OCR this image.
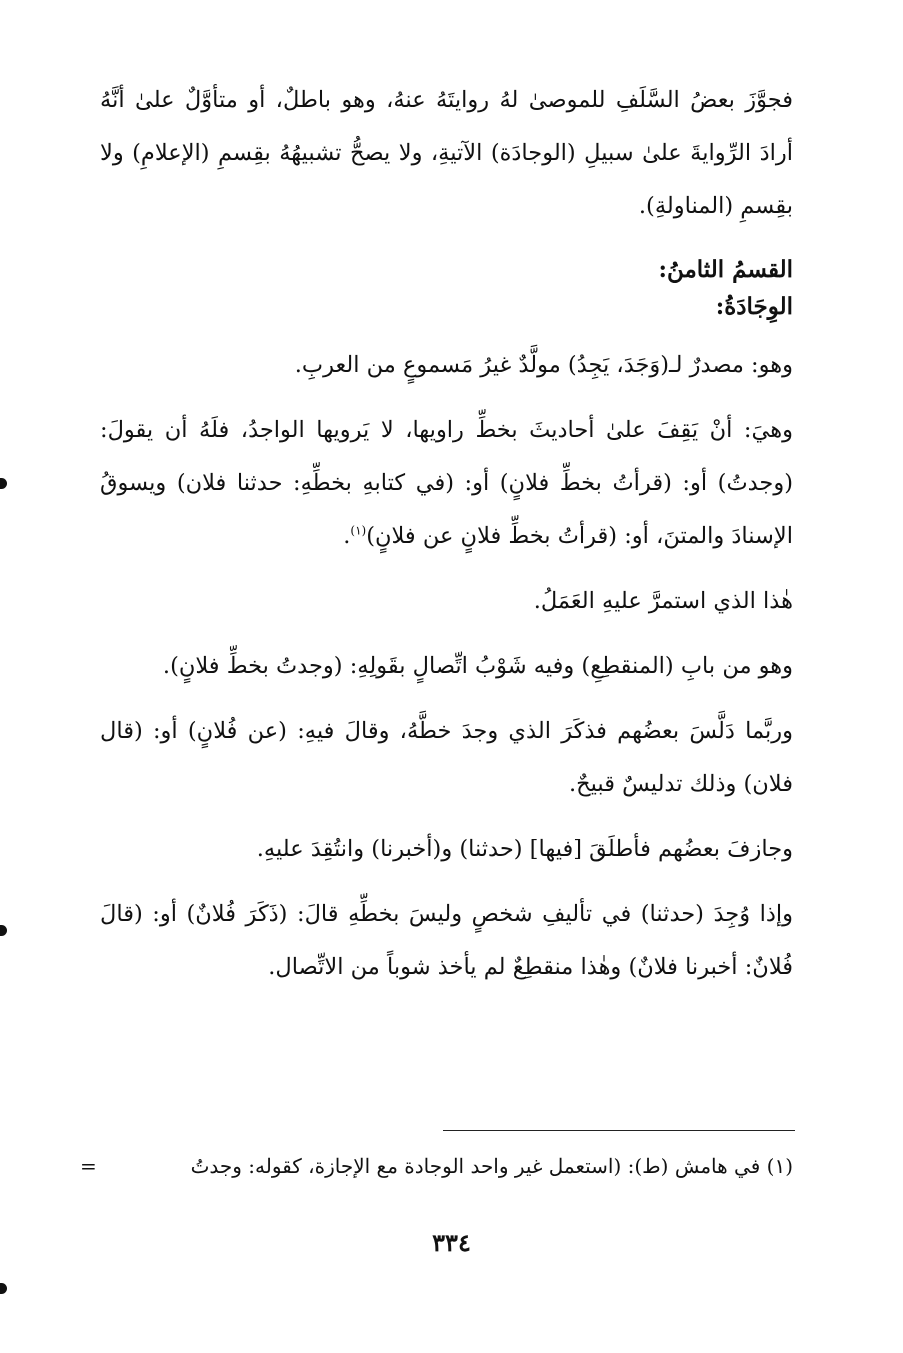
فجوَّزَ بعضُ السَّلَفِ للموصىٰ لهُ روايتَهُ عنهُ، وهو باطلٌ، أو متأوَّلٌ علىٰ أنَّهُ أرادَ الرِّوايةَ علىٰ سبيلِ (الوجادَة) الآتيةِ، ولا يصحُّ تشبيهُهُ بقِسمِ (الإعلامِ) ولا بقِسمِ (المناولةِ).

القسمُ الثامنُ:

الوِجَادَةُ:

وهو: مصدرٌ لـ(وَجَدَ، يَجِدُ) مولَّدٌ غيرُ مَسموعٍ من العربِ.

وهيَ: أنْ يَقِفَ علىٰ أحاديثَ بخطِّ راويها، لا يَرويها الواجدُ، فلَهُ أن يقولَ: (وجدتُ) أو: (قرأتُ بخطِّ فلانٍ) أو: (في كتابهِ بخطِّهِ: حدثنا فلان) ويسوقُ الإسنادَ والمتنَ، أو: (قرأتُ بخطِّ فلانٍ عن فلانٍ)$^{(١)}$.

هٰذا الذي استمرَّ عليهِ العَمَلُ.

وهو من بابِ (المنقطِعِ) وفيه شَوْبُ اتِّصالٍ بقَولِهِ: (وجدتُ بخطِّ فلانٍ).

وربَّما دَلَّسَ بعضُهم فذكَرَ الذي وجدَ خطَّهُ، وقالَ فيهِ: (عن فُلانٍ) أو: (قال فلان) وذلك تدليسٌ قبيحٌ.

وجازفَ بعضُهم فأطلَقَ [فيها] (حدثنا) و(أخبرنا) وانتُقِدَ عليهِ.

وإذا وُجِدَ (حدثنا) في تأليفِ شخصٍ وليسَ بخطِّهِ قالَ: (ذَكَرَ فُلانٌ) أو: (قالَ فُلانٌ: أخبرنا فلانٌ) وهٰذا منقطِعٌ لم يأخذ شوباً من الاتِّصال.

(١) في هامش (ط): (استعمل غير واحد الوجادة مع الإجازة، كقوله: وجدتُ
=
٣٣٤
